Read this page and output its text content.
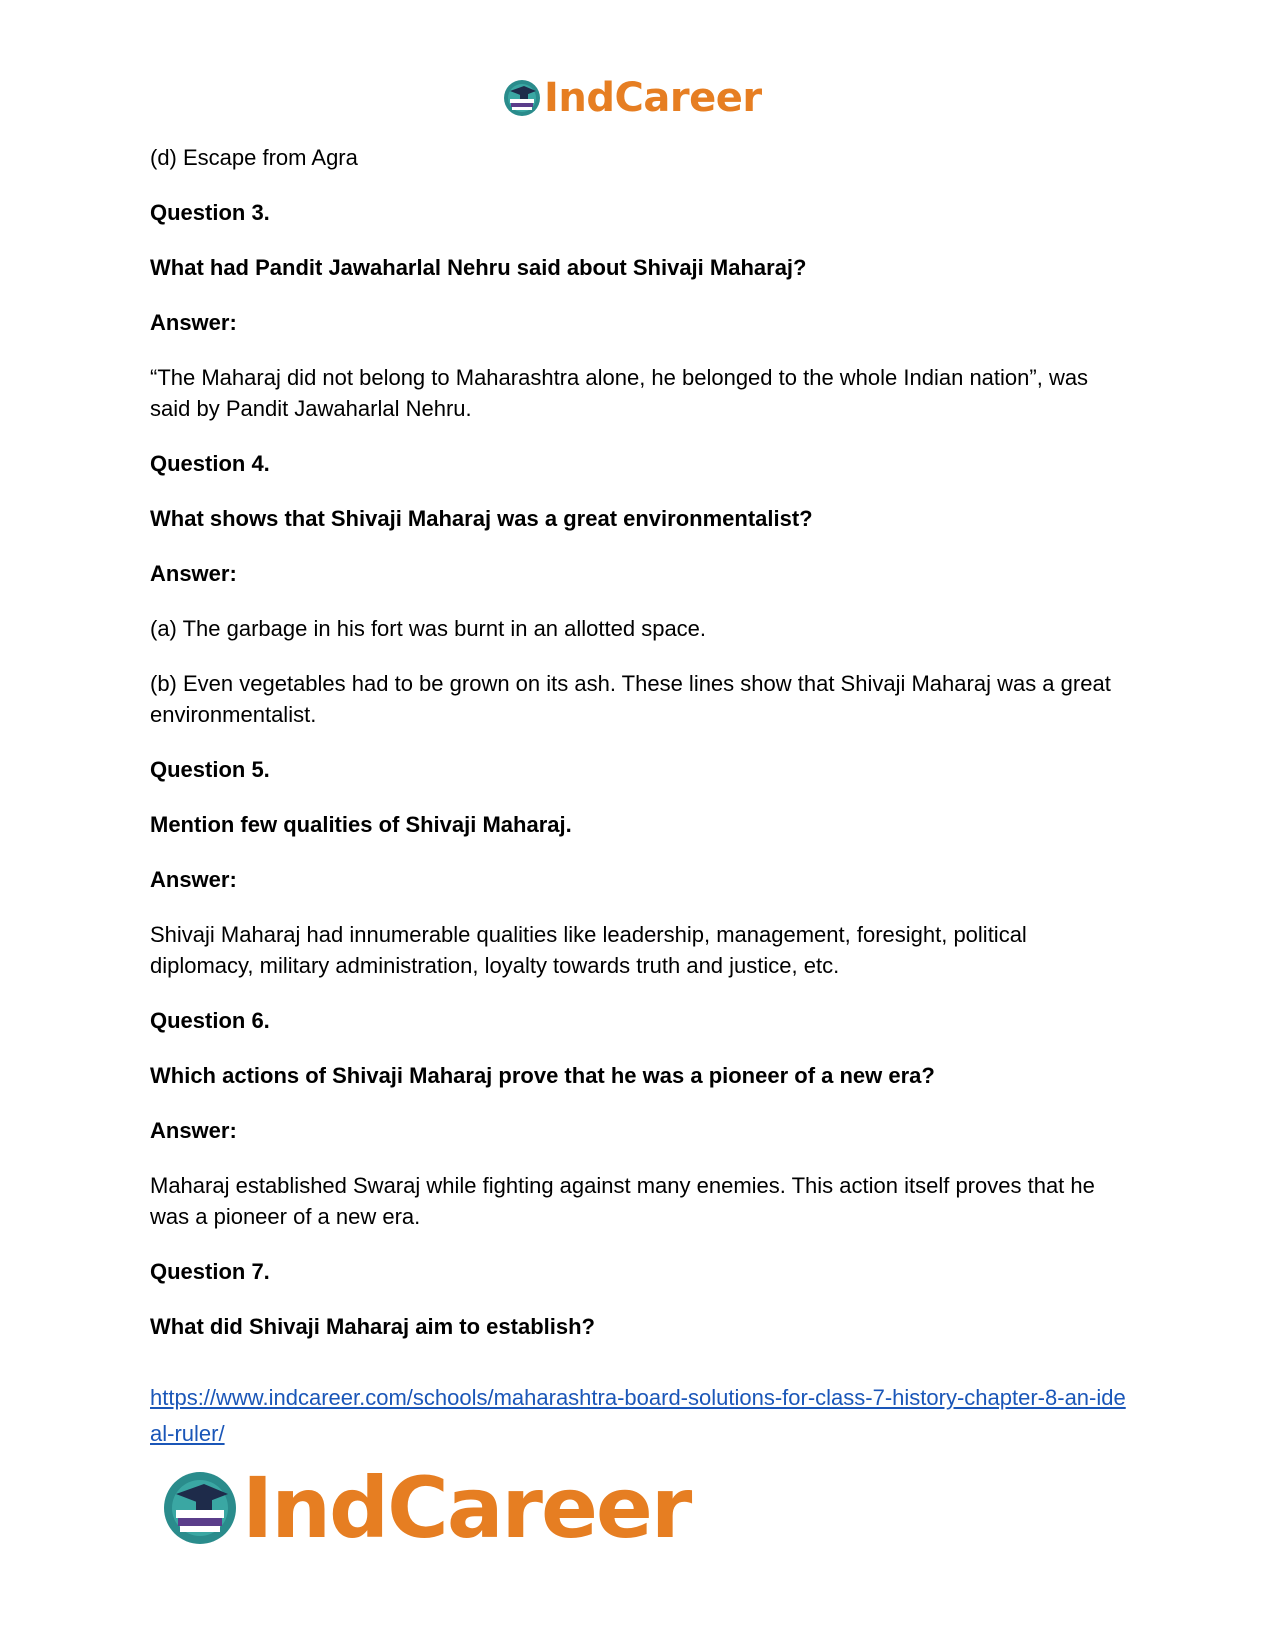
IndCareer

(d) Escape from Agra

Question 3.

What had Pandit Jawaharlal Nehru said about Shivaji Maharaj?

Answer:

“The Maharaj did not belong to Maharashtra alone, he belonged to the whole Indian nation”, was said by Pandit Jawaharlal Nehru.

Question 4.

What shows that Shivaji Maharaj was a great environmentalist?

Answer:

(a) The garbage in his fort was burnt in an allotted space.

(b) Even vegetables had to be grown on its ash. These lines show that Shivaji Maharaj was a great environmentalist.

Question 5.

Mention few qualities of Shivaji Maharaj.

Answer:

Shivaji Maharaj had innumerable qualities like leadership, management, foresight, political diplomacy, military administration, loyalty towards truth and justice, etc.

Question 6.

Which actions of Shivaji Maharaj prove that he was a pioneer of a new era?

Answer:

Maharaj established Swaraj while fighting against many enemies. This action itself proves that he was a pioneer of a new era.

Question 7.

What did Shivaji Maharaj aim to establish?

https://www.indcareer.com/schools/maharashtra-board-solutions-for-class-7-history-chapter-8-an-ideal-ruler/
IndCareer
